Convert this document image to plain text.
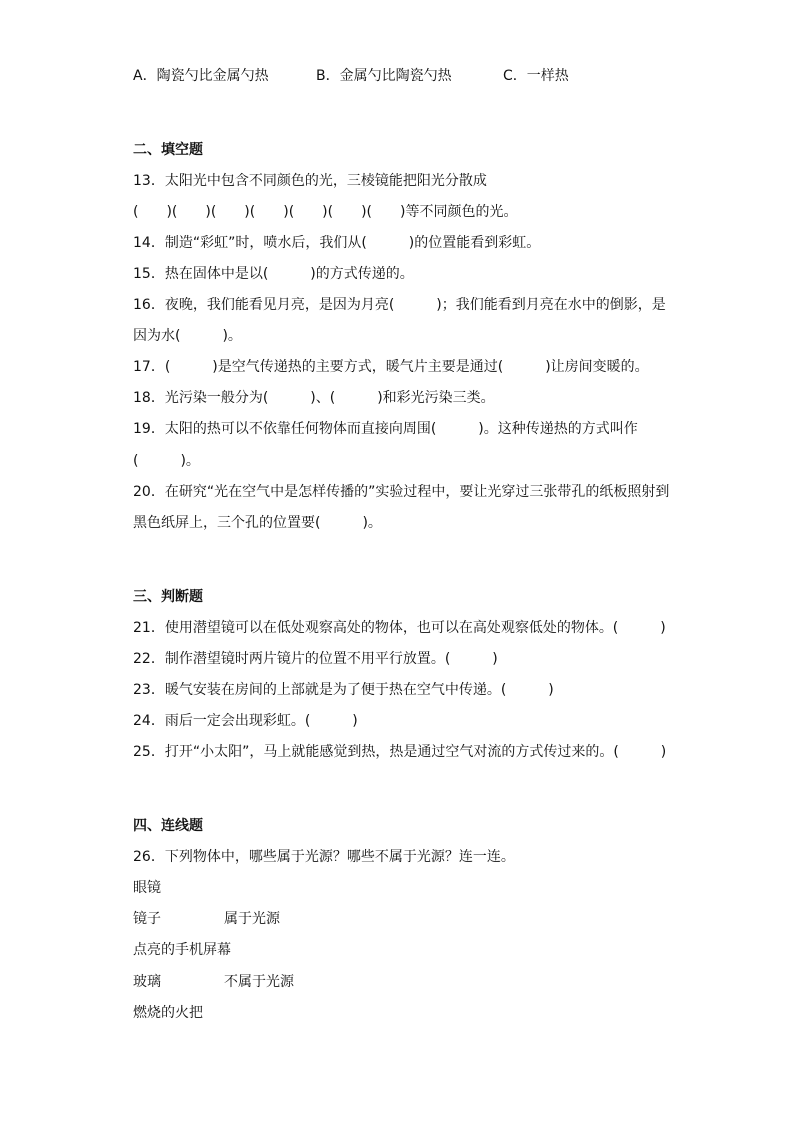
A．陶瓷勺比金属勺热	B．金属勺比陶瓷勺热	C．一样热
二、填空题
13．太阳光中包含不同颜色的光，三棱镜能把阳光分散成
(　　)(　　)(　　)(　　)(　　)(　　)(　　)等不同颜色的光。
14．制造“彩虹”时，喷水后，我们从(　　　)的位置能看到彩虹。
15．热在固体中是以(　　　)的方式传递的。
16．夜晚，我们能看见月亮，是因为月亮(　　　)；我们能看到月亮在水中的倒影，是
因为水(　　　)。
17．(　　　)是空气传递热的主要方式，暖气片主要是通过(　　　)让房间变暖的。
18．光污染一般分为(　　　)、(　　　)和彩光污染三类。
19．太阳的热可以不依靠任何物体而直接向周围(　　　)。这种传递热的方式叫作
(　　　)。
20．在研究“光在空气中是怎样传播的”实验过程中，要让光穿过三张带孔的纸板照射到
黑色纸屏上，三个孔的位置要(　　　)。
三、判断题
21．使用潜望镜可以在低处观察高处的物体，也可以在高处观察低处的物体。(　　　)
22．制作潜望镜时两片镜片的位置不用平行放置。(　　　)
23．暖气安装在房间的上部就是为了便于热在空气中传递。(　　　)
24．雨后一定会出现彩虹。(　　　)
25．打开“小太阳”，马上就能感觉到热，热是通过空气对流的方式传过来的。(　　　)
四、连线题
26．下列物体中，哪些属于光源？哪些不属于光源？连一连。
眼镜
镜子	属于光源
点亮的手机屏幕
玻璃	不属于光源
燃烧的火把
